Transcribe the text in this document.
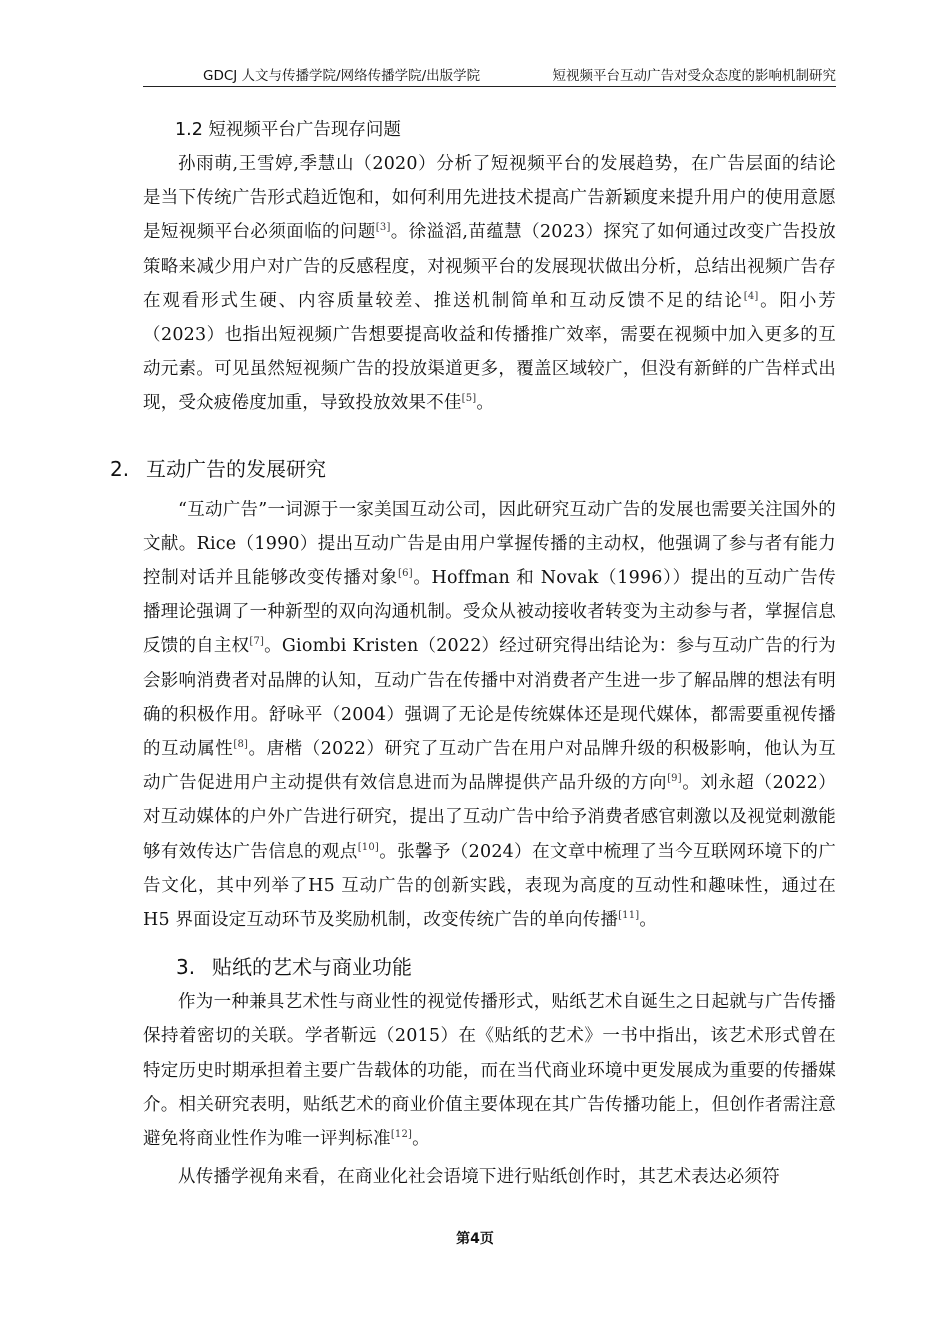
GDCJ 人文与传播学院/网络传播学院/出版学院	短视频平台互动广告对受众态度的影响机制研究
1.2 短视频平台广告现存问题

孙雨萌,王雪婷,季慧山（2020）分析了短视频平台的发展趋势，在广告层面的结论是当下传统广告形式趋近饱和，如何利用先进技术提高广告新颖度来提升用户的使用意愿是短视频平台必须面临的问题[3]。徐溢滔,苗蕴慧（2023）探究了如何通过改变广告投放策略来减少用户对广告的反感程度，对视频平台的发展现状做出分析，总结出视频广告存在观看形式生硬、内容质量较差、推送机制简单和互动反馈不足的结论[4]。阳小芳（2023）也指出短视频广告想要提高收益和传播推广效率，需要在视频中加入更多的互动元素。可见虽然短视频广告的投放渠道更多，覆盖区域较广，但没有新鲜的广告样式出现，受众疲倦度加重，导致投放效果不佳[5]。

2. 互动广告的发展研究

“互动广告”一词源于一家美国互动公司，因此研究互动广告的发展也需要关注国外的文献。Rice（1990）提出互动广告是由用户掌握传播的主动权，他强调了参与者有能力控制对话并且能够改变传播对象[6]。Hoffman 和 Novak（1996））提出的互动广告传播理论强调了一种新型的双向沟通机制。受众从被动接收者转变为主动参与者，掌握信息反馈的自主权[7]。Giombi Kristen（2022）经过研究得出结论为：参与互动广告的行为会影响消费者对品牌的认知，互动广告在传播中对消费者产生进一步了解品牌的想法有明确的积极作用。舒咏平（2004）强调了无论是传统媒体还是现代媒体，都需要重视传播的互动属性[8]。唐楷（2022）研究了互动广告在用户对品牌升级的积极影响，他认为互动广告促进用户主动提供有效信息进而为品牌提供产品升级的方向[9]。刘永超（2022）对互动媒体的户外广告进行研究，提出了互动广告中给予消费者感官刺激以及视觉刺激能够有效传达广告信息的观点[10]。张馨予（2024）在文章中梳理了当今互联网环境下的广告文化，其中列举了H5 互动广告的创新实践，表现为高度的互动性和趣味性，通过在 H5 界面设定互动环节及奖励机制，改变传统广告的单向传播[11]。

3. 贴纸的艺术与商业功能

作为一种兼具艺术性与商业性的视觉传播形式，贴纸艺术自诞生之日起就与广告传播保持着密切的关联。学者靳远（2015）在《贴纸的艺术》一书中指出，该艺术形式曾在特定历史时期承担着主要广告载体的功能，而在当代商业环境中更发展成为重要的传播媒介。相关研究表明，贴纸艺术的商业价值主要体现在其广告传播功能上，但创作者需注意避免将商业性作为唯一评判标准[12]。

从传播学视角来看，在商业化社会语境下进行贴纸创作时，其艺术表达必须符

第4页
